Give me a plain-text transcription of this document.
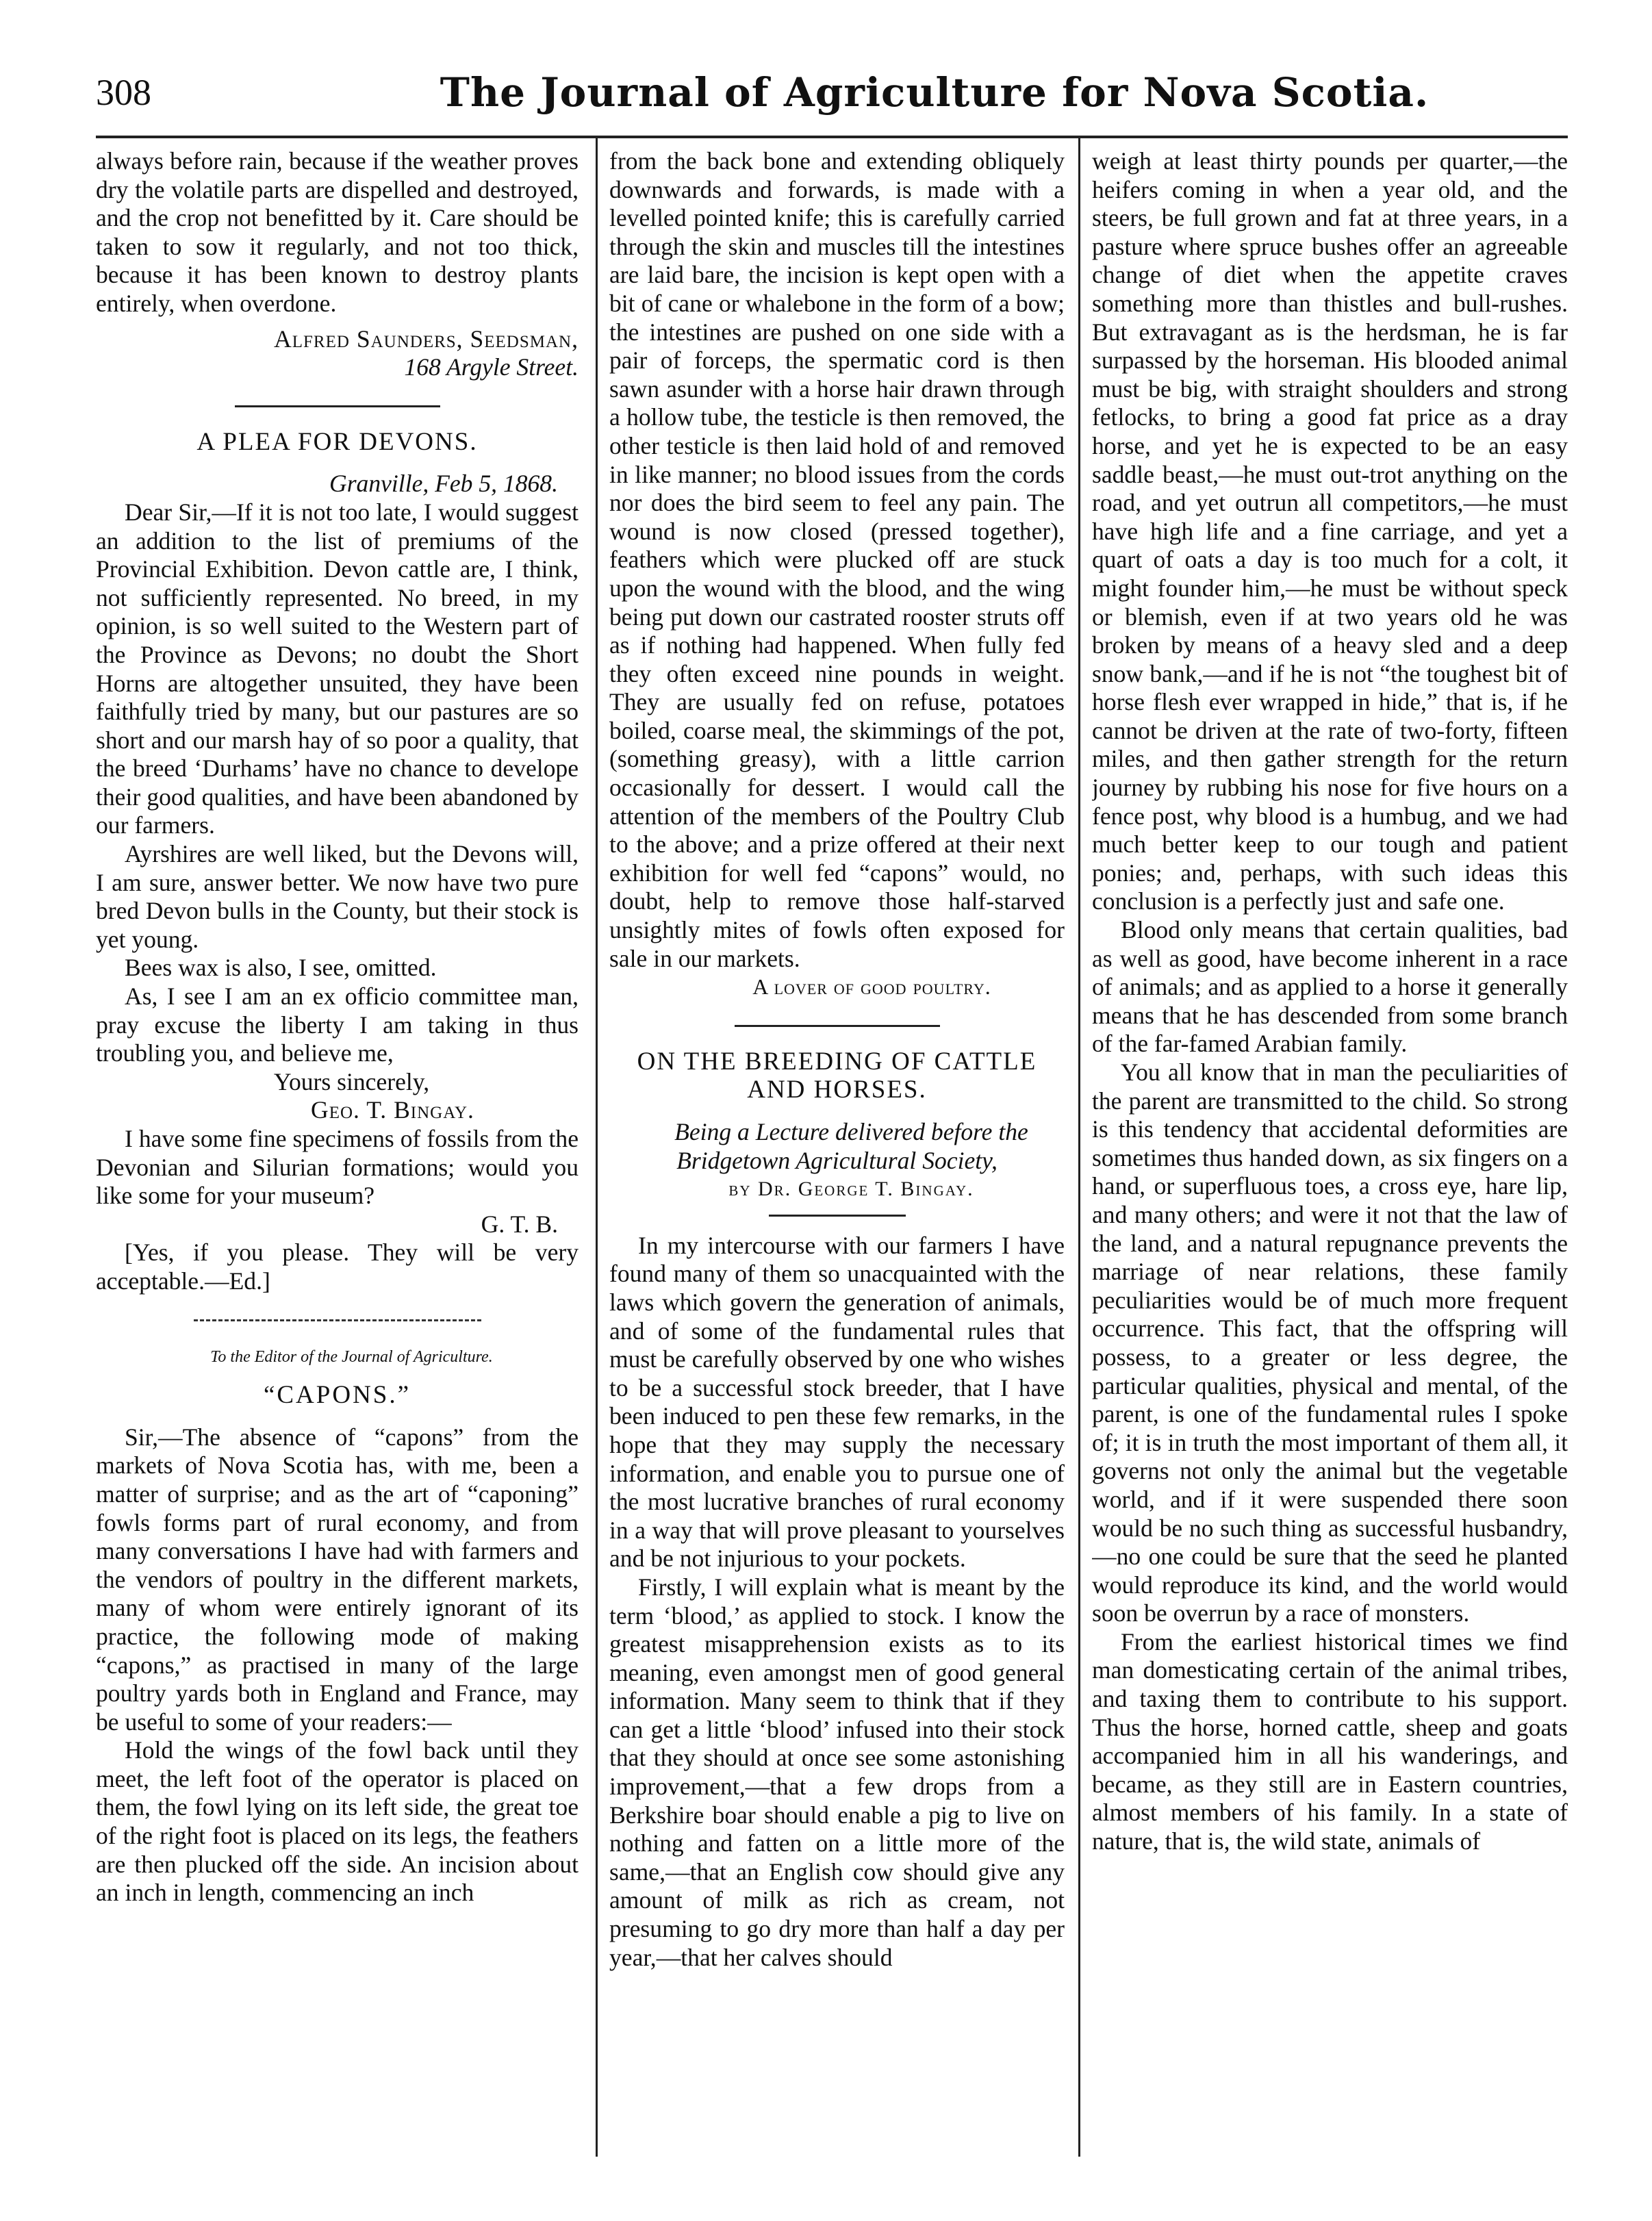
308	The Journal of Agriculture for Nova Scotia.

always before rain, because if the weather proves dry the volatile parts are dispelled and destroyed, and the crop not benefitted by it. Care should be taken to sow it regularly, and not too thick, because it has been known to destroy plants entirely, when overdone.

Alfred Saunders, Seedsman,

168 Argyle Street.

A PLEA FOR DEVONS.

Granville, Feb 5, 1868.

Dear Sir,—If it is not too late, I would suggest an addition to the list of premiums of the Provincial Exhibition. Devon cattle are, I think, not sufficiently represented. No breed, in my opinion, is so well suited to the Western part of the Province as Devons; no doubt the Short Horns are altogether unsuited, they have been faithfully tried by many, but our pastures are so short and our marsh hay of so poor a quality, that the breed ‘Durhams’ have no chance to develope their good qualities, and have been abandoned by our farmers.

Ayrshires are well liked, but the Devons will, I am sure, answer better. We now have two pure bred Devon bulls in the County, but their stock is yet young.

Bees wax is also, I see, omitted.

As, I see I am an ex officio committee man, pray excuse the liberty I am taking in thus troubling you, and believe me,

Yours sincerely,

Geo. T. Bingay.

I have some fine specimens of fossils from the Devonian and Silurian formations; would you like some for your museum?

G. T. B.

[Yes, if you please. They will be very acceptable.—Ed.]

To the Editor of the Journal of Agriculture.

“CAPONS.”

Sir,—The absence of “capons” from the markets of Nova Scotia has, with me, been a matter of surprise; and as the art of “caponing” fowls forms part of rural economy, and from many conversations I have had with farmers and the vendors of poultry in the different markets, many of whom were entirely ignorant of its practice, the following mode of making “capons,” as practised in many of the large poultry yards both in England and France, may be useful to some of your readers:—

Hold the wings of the fowl back until they meet, the left foot of the operator is placed on them, the fowl lying on its left side, the great toe of the right foot is placed on its legs, the feathers are then plucked off the side. An incision about an inch in length, commencing an inch

from the back bone and extending obliquely downwards and forwards, is made with a levelled pointed knife; this is carefully carried through the skin and muscles till the intestines are laid bare, the incision is kept open with a bit of cane or whalebone in the form of a bow; the intestines are pushed on one side with a pair of forceps, the spermatic cord is then sawn asunder with a horse hair drawn through a hollow tube, the testicle is then removed, the other testicle is then laid hold of and removed in like manner; no blood issues from the cords nor does the bird seem to feel any pain. The wound is now closed (pressed together), feathers which were plucked off are stuck upon the wound with the blood, and the wing being put down our castrated rooster struts off as if nothing had happened. When fully fed they often exceed nine pounds in weight. They are usually fed on refuse, potatoes boiled, coarse meal, the skimmings of the pot, (something greasy), with a little carrion occasionally for dessert. I would call the attention of the members of the Poultry Club to the above; and a prize offered at their next exhibition for well fed “capons” would, no doubt, help to remove those half-starved unsightly mites of fowls often exposed for sale in our markets.

A lover of good poultry.

ON THE BREEDING OF CATTLE
AND HORSES.

Being a Lecture delivered before the Bridgetown Agricultural Society,

by Dr. George T. Bingay.

In my intercourse with our farmers I have found many of them so unacquainted with the laws which govern the generation of animals, and of some of the fundamental rules that must be carefully observed by one who wishes to be a successful stock breeder, that I have been induced to pen these few remarks, in the hope that they may supply the necessary information, and enable you to pursue one of the most lucrative branches of rural economy in a way that will prove pleasant to yourselves and be not injurious to your pockets.

Firstly, I will explain what is meant by the term ‘blood,’ as applied to stock. I know the greatest misapprehension exists as to its meaning, even amongst men of good general information. Many seem to think that if they can get a little ‘blood’ infused into their stock that they should at once see some astonishing improvement,—that a few drops from a Berkshire boar should enable a pig to live on nothing and fatten on a little more of the same,—that an English cow should give any amount of milk as rich as cream, not presuming to go dry more than half a day per year,—that her calves should

weigh at least thirty pounds per quarter,—the heifers coming in when a year old, and the steers, be full grown and fat at three years, in a pasture where spruce bushes offer an agreeable change of diet when the appetite craves something more than thistles and bull-rushes. But extravagant as is the herdsman, he is far surpassed by the horseman. His blooded animal must be big, with straight shoulders and strong fetlocks, to bring a good fat price as a dray horse, and yet he is expected to be an easy saddle beast,—he must out-trot anything on the road, and yet outrun all competitors,—he must have high life and a fine carriage, and yet a quart of oats a day is too much for a colt, it might founder him,—he must be without speck or blemish, even if at two years old he was broken by means of a heavy sled and a deep snow bank,—and if he is not “the toughest bit of horse flesh ever wrapped in hide,” that is, if he cannot be driven at the rate of two-forty, fifteen miles, and then gather strength for the return journey by rubbing his nose for five hours on a fence post, why blood is a humbug, and we had much better keep to our tough and patient ponies; and, perhaps, with such ideas this conclusion is a perfectly just and safe one.

Blood only means that certain qualities, bad as well as good, have become inherent in a race of animals; and as applied to a horse it generally means that he has descended from some branch of the far-famed Arabian family.

You all know that in man the peculiarities of the parent are transmitted to the child. So strong is this tendency that accidental deformities are sometimes thus handed down, as six fingers on a hand, or superfluous toes, a cross eye, hare lip, and many others; and were it not that the law of the land, and a natural repugnance prevents the marriage of near relations, these family peculiarities would be of much more frequent occurrence. This fact, that the offspring will possess, to a greater or less degree, the particular qualities, physical and mental, of the parent, is one of the fundamental rules I spoke of; it is in truth the most important of them all, it governs not only the animal but the vegetable world, and if it were suspended there soon would be no such thing as successful husbandry,—no one could be sure that the seed he planted would reproduce its kind, and the world would soon be overrun by a race of monsters.

From the earliest historical times we find man domesticating certain of the animal tribes, and taxing them to contribute to his support. Thus the horse, horned cattle, sheep and goats accompanied him in all his wanderings, and became, as they still are in Eastern countries, almost members of his family. In a state of nature, that is, the wild state, animals of
